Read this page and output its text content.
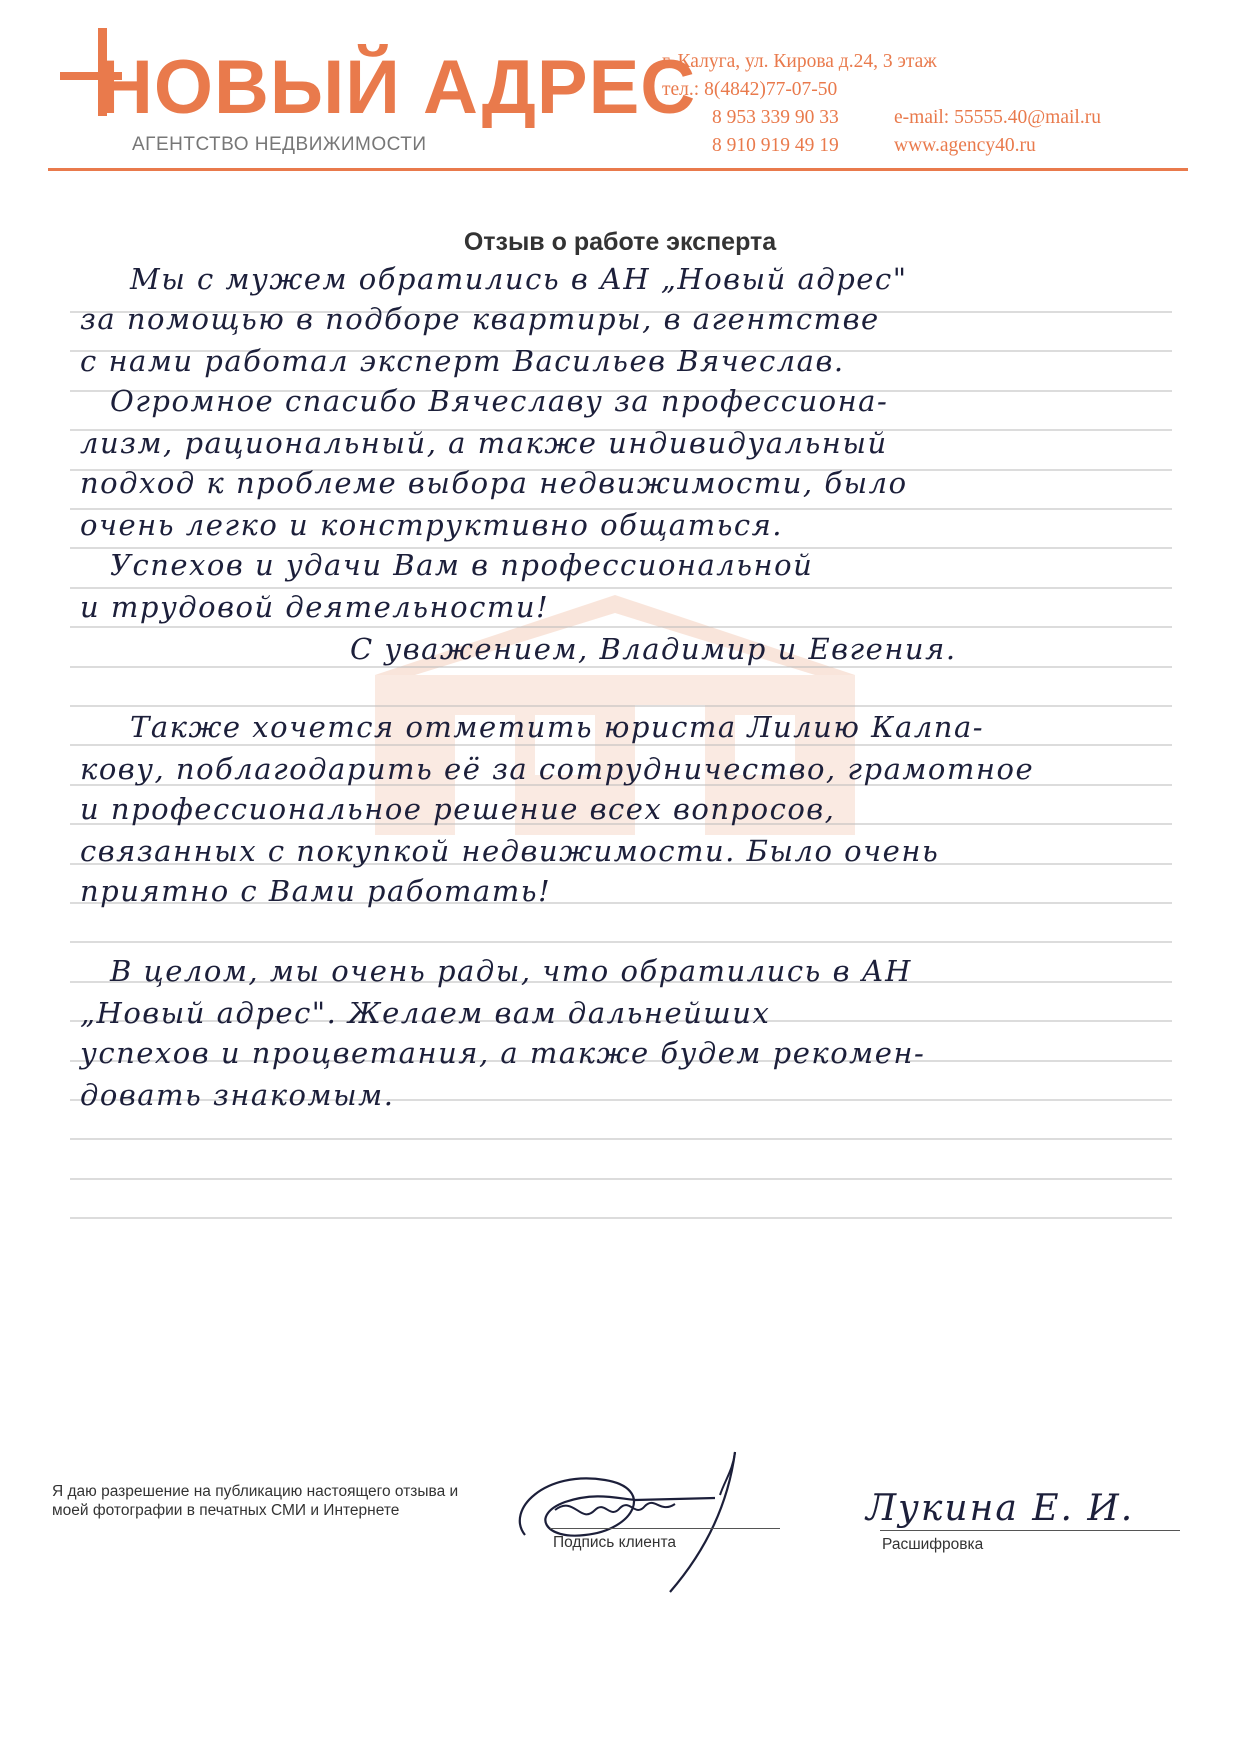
НОВЫЙ АДРЕС
АГЕНТСТВО НЕДВИЖИМОСТИ
г. Калуга, ул. Кирова д.24, 3 этаж
тел.: 8(4842)77-07-50
8 953 339 90 33	e-mail: 55555.40@mail.ru
8 910 919 49 19	www.agency40.ru
Отзыв о работе эксперта
Мы с мужем обратились в АН „Новый адрес"
за помощью в подборе квартиры, в агентстве
с нами работал эксперт Васильев Вячеслав.
Огромное спасибо Вячеславу за профессиона-
лизм, рациональный, а также индивидуальный
подход к проблеме выбора недвижимости, было
очень легко и конструктивно общаться.
Успехов и удачи Вам в профессиональной
и трудовой деятельности!
С уважением, Владимир и Евгения.
Также хочется отметить юриста Лилию Калпа-
кову, поблагодарить её за сотрудничество, грамотное
и профессиональное решение всех вопросов,
связанных с покупкой недвижимости. Было очень
приятно с Вами работать!
В целом, мы очень рады, что обратились в АН
„Новый адрес". Желаем вам дальнейших
успехов и процветания, а также будем рекомен-
довать знакомым.
Я даю разрешение на публикацию настоящего отзыва и моей фотографии в печатных СМИ и Интернете
Подпись клиента
Лукина Е. И.
Расшифровка
